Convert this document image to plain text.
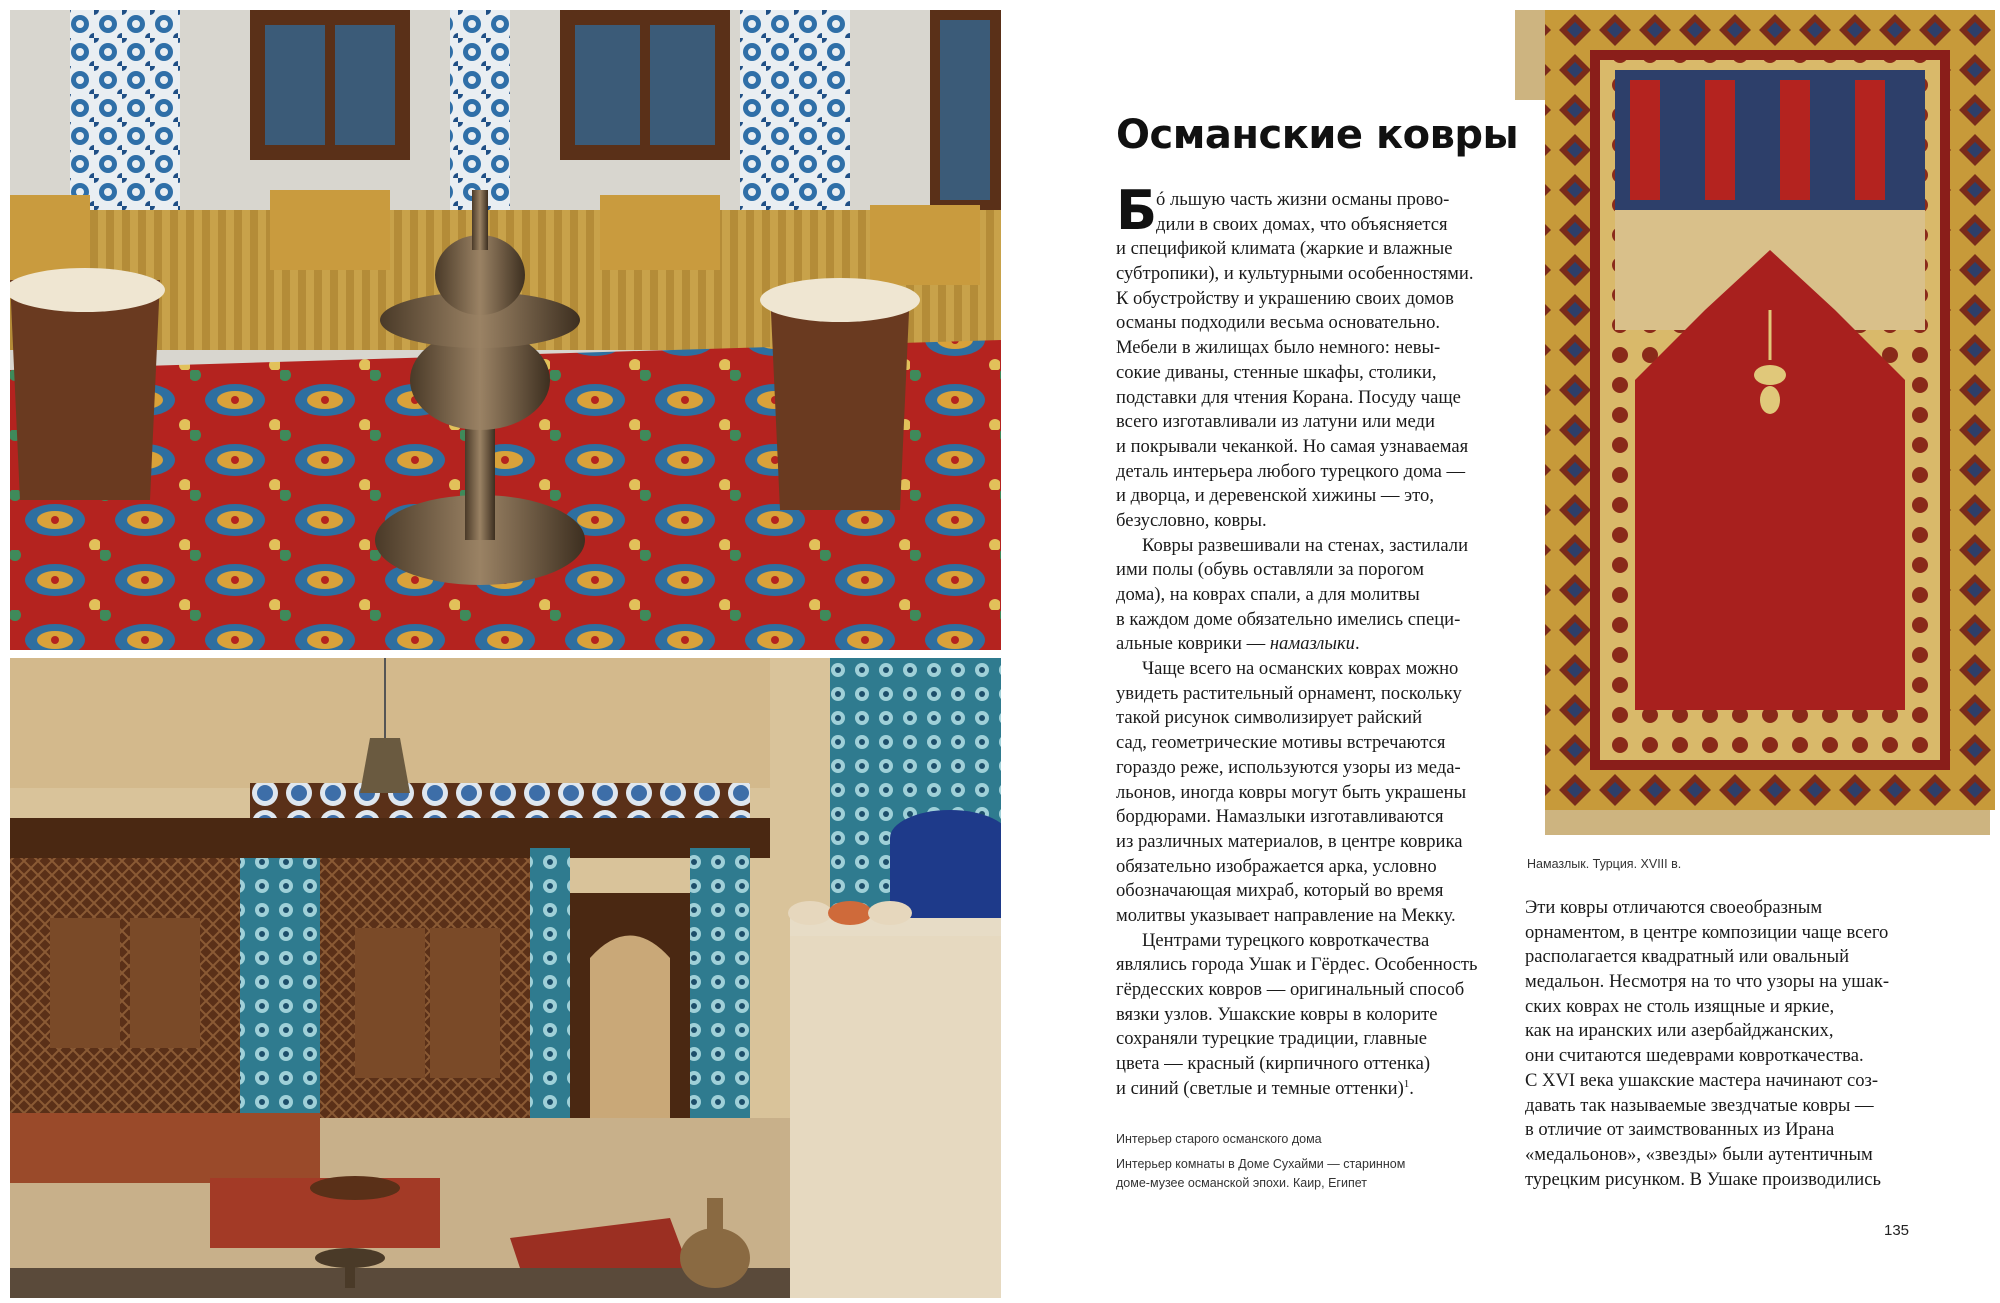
Османские ковры
Б
ó льшую часть жизни османы прово-
дили в своих домах, что объясняется
и спецификой климата (жаркие и влажные
субтропики), и культурными особенностями.
К обустройству и украшению своих домов
османы подходили весьма основательно.
Мебели в жилищах было немного: невы-
сокие диваны, стенные шкафы, столики,
подставки для чтения Корана. Посуду чаще
всего изготавливали из латуни или меди
и покрывали чеканкой. Но самая узнаваемая
деталь интерьера любого турецкого дома —
и дворца, и деревенской хижины — это,
безусловно, ковры.
Ковры развешивали на стенах, застилали
ими полы (обувь оставляли за порогом
дома), на коврах спали, а для молитвы
в каждом доме обязательно имелись специ-
альные коврики — намазлыки.
Чаще всего на османских коврах можно
увидеть растительный орнамент, поскольку
такой рисунок символизирует райский
сад, геометрические мотивы встречаются
гораздо реже, используются узоры из меда-
льонов, иногда ковры могут быть украшены
бордюрами. Намазлыки изготавливаются
из различных материалов, в центре коврика
обязательно изображается арка, условно
обозначающая михраб, который во время
молитвы указывает направление на Мекку.
Центрами турецкого ковроткачества
являлись города Ушак и Гёрдес. Особенность
гёрдесских ковров — оригинальный способ
вязки узлов. Ушакские ковры в колорите
сохраняли турецкие традиции, главные
цвета — красный (кирпичного оттенка)
и синий (светлые и темные оттенки)$^1$.
Намазлык. Турция. XVIII в.
Эти ковры отличаются своеобразным
орнаментом, в центре композиции чаще всего
располагается квадратный или овальный
медальон. Несмотря на то что узоры на ушак-
ских коврах не столь изящные и яркие,
как на иранских или азербайджанских,
они считаются шедеврами ковроткачества.
С XVI века ушакские мастера начинают соз-
давать так называемые звездчатые ковры —
в отличие от заимствованных из Ирана
«медальонов», «звезды» были аутентичным
турецким рисунком. В Ушаке производились
Интерьер старого османского дома
Интерьер комнаты в Доме Сухайми — старинном
доме-музее османской эпохи. Каир, Египет
135
